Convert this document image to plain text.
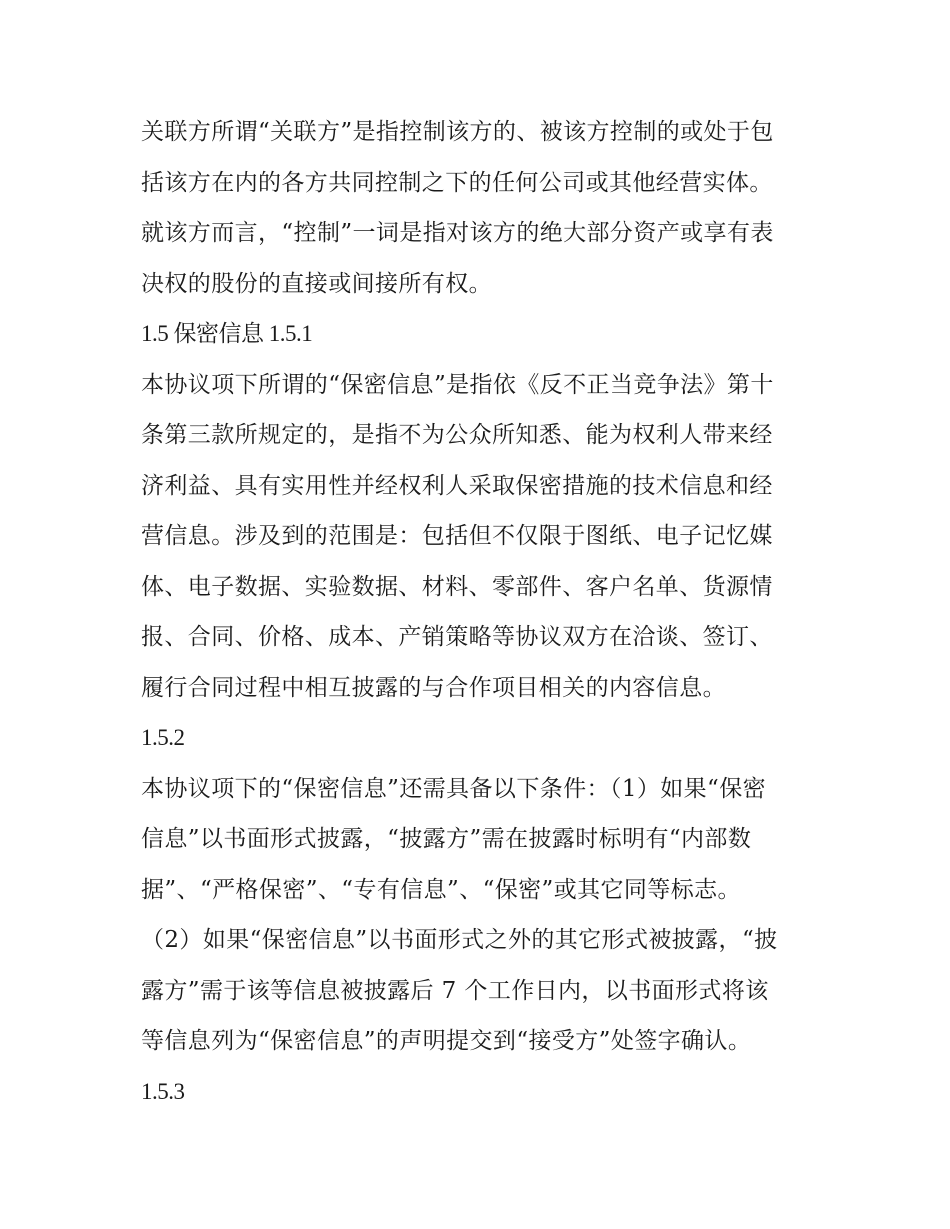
关联方所谓“关联方”是指控制该方的、被该方控制的或处于包
括该方在内的各方共同控制之下的任何公司或其他经营实体。
就该方而言，“控制”一词是指对该方的绝大部分资产或享有表
决权的股份的直接或间接所有权。
1.5 保密信息 1.5.1
本协议项下所谓的“保密信息”是指依《反不正当竞争法》第十
条第三款所规定的，是指不为公众所知悉、能为权利人带来经
济利益、具有实用性并经权利人采取保密措施的技术信息和经
营信息。涉及到的范围是：包括但不仅限于图纸、电子记忆媒
体、电子数据、实验数据、材料、零部件、客户名单、货源情
报、合同、价格、成本、产销策略等协议双方在洽谈、签订、
履行合同过程中相互披露的与合作项目相关的内容信息。
1.5.2
本协议项下的“保密信息”还需具备以下条件：（1）如果“保密
信息”以书面形式披露，“披露方”需在披露时标明有“内部数
据”、“严格保密”、“专有信息”、“保密”或其它同等标志。
（2）如果“保密信息”以书面形式之外的其它形式被披露，“披
露方”需于该等信息被披露后 7 个工作日内，以书面形式将该
等信息列为“保密信息”的声明提交到“接受方”处签字确认。
1.5.3
